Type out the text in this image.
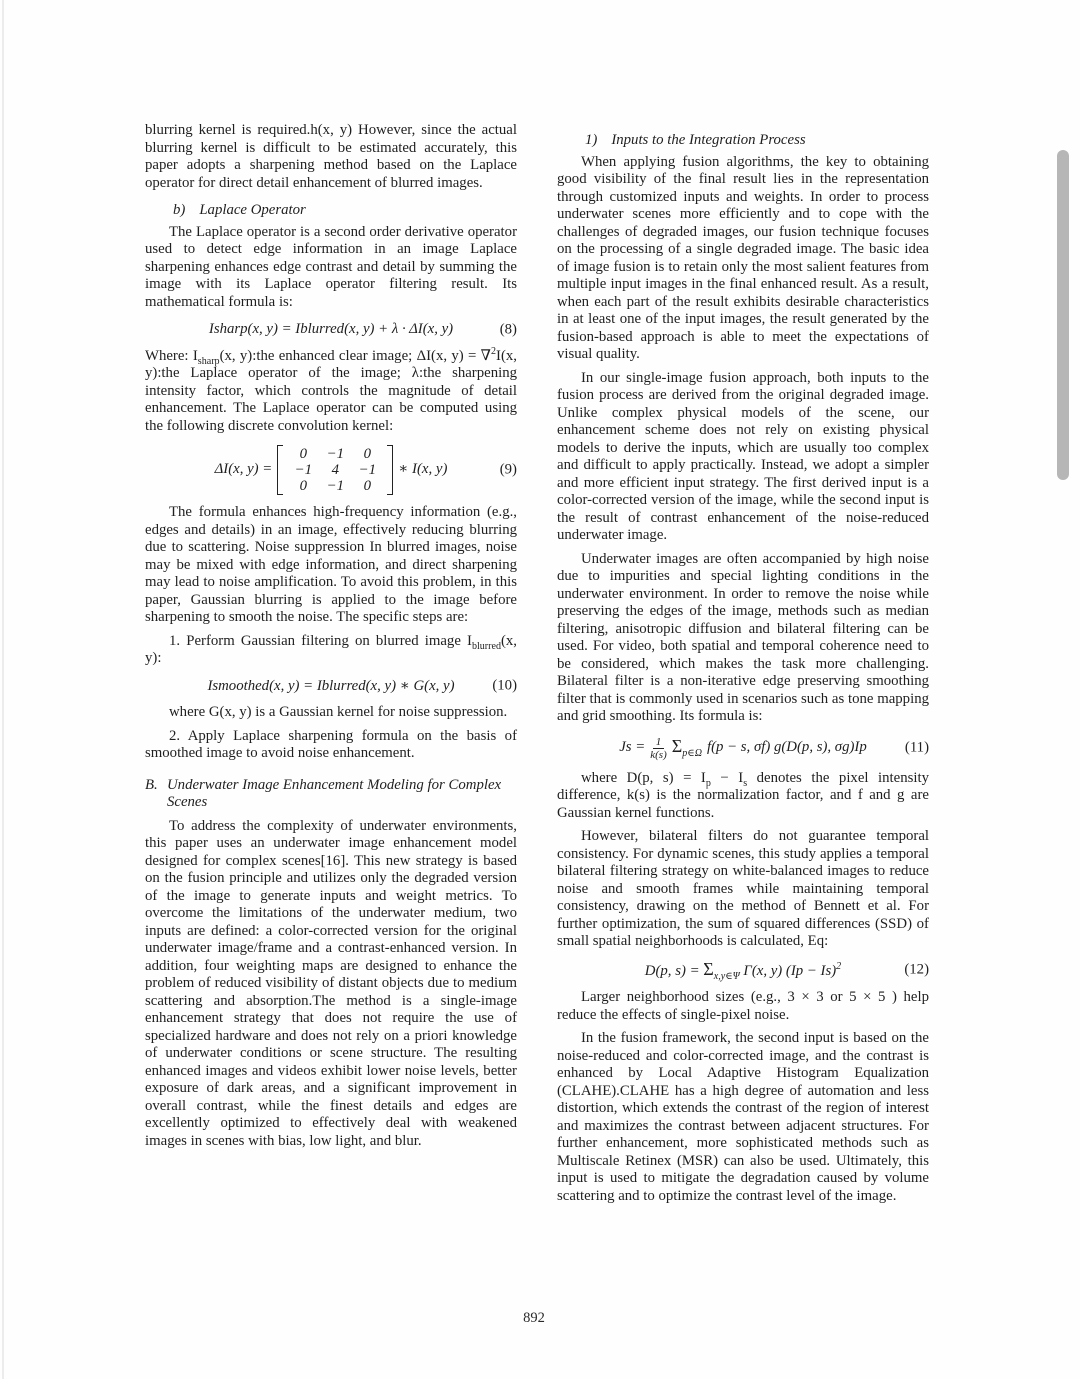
blurring kernel is required.h(x, y) However, since the actual blurring kernel is difficult to be estimated accurately, this paper adopts a sharpening method based on the Laplace operator for direct detail enhancement of blurred images.

b) Laplace Operator

The Laplace operator is a second order derivative operator used to detect edge information in an image Laplace sharpening enhances edge contrast and detail by summing the image with its Laplace operator filtering result. Its mathematical formula is:

Isharp(x, y) = Iblurred(x, y) + λ · ΔI(x, y)	(8)

Where: $I_{sharp}(x$, y):the enhanced clear image; ΔI(x, y) = ∇$^2$I(x, y):the Laplace operator of the image; λ:the sharpening intensity factor, which controls the magnitude of detail enhancement. The Laplace operator can be computed using the following discrete convolution kernel:

ΔI(x, y) =
0	−1	0
−1	4	−1
0	−1	0
∗ I(x, y)	(9)

The formula enhances high-frequency information (e.g., edges and details) in an image, effectively reducing blurring due to scattering. Noise suppression In blurred images, noise may be mixed with edge information, and direct sharpening may lead to noise amplification. To avoid this problem, in this paper, Gaussian blurring is applied to the image before sharpening to smooth the noise. The specific steps are:

1. Perform Gaussian filtering on blurred image $I_{blurred}(x$, y):

Ismoothed(x, y) = Iblurred(x, y) ∗ G(x, y)	(10)

where G(x, y) is a Gaussian kernel for noise suppression.

2. Apply Laplace sharpening formula on the basis of smoothed image to avoid noise enhancement.

B. Underwater Image Enhancement Modeling for Complex Scenes

To address the complexity of underwater environments, this paper uses an underwater image enhancement model designed for complex scenes[16]. This new strategy is based on the fusion principle and utilizes only the degraded version of the image to generate inputs and weight metrics. To overcome the limitations of the underwater medium, two inputs are defined: a color-corrected version for the original underwater image/frame and a contrast-enhanced version. In addition, four weighting maps are designed to enhance the problem of reduced visibility of distant objects due to medium scattering and absorption.The method is a single-image enhancement strategy that does not require the use of specialized hardware and does not rely on a priori knowledge of underwater conditions or scene structure. The resulting enhanced images and videos exhibit lower noise levels, better exposure of dark areas, and a significant improvement in overall contrast, while the finest details and edges are excellently optimized to effectively deal with weakened images in scenes with bias, low light, and blur.

1) Inputs to the Integration Process

When applying fusion algorithms, the key to obtaining good visibility of the final result lies in the representation through customized inputs and weights. In order to process underwater scenes more efficiently and to cope with the challenges of degraded images, our fusion technique focuses on the processing of a single degraded image. The basic idea of image fusion is to retain only the most salient features from multiple input images in the final enhanced result. As a result, when each part of the result exhibits desirable characteristics in at least one of the input images, the result generated by the fusion-based approach is able to meet the expectations of visual quality.

In our single-image fusion approach, both inputs to the fusion process are derived from the original degraded image. Unlike complex physical models of the scene, our enhancement scheme does not rely on existing physical models to derive the inputs, which are usually too complex and difficult to apply practically. Instead, we adopt a simpler and more efficient input strategy. The first derived input is a color-corrected version of the image, while the second input is the result of contrast enhancement of the noise-reduced underwater image.

Underwater images are often accompanied by high noise due to impurities and special lighting conditions in the underwater environment. In order to remove the noise while preserving the edges of the image, methods such as median filtering, anisotropic diffusion and bilateral filtering can be used. For video, both spatial and temporal coherence need to be considered, which makes the task more challenging. Bilateral filter is a non-iterative edge preserving smoothing filter that is commonly used in scenarios such as tone mapping and grid smoothing. Its formula is:

$Js = \frac{1}{k(s)} \Sigma_{p\in\Omega}$ f(p − s, σf) g(D(p, s), σg)Ip	(11)

where D(p, $s) = I_p - I_s$ denotes the pixel intensity difference, k(s) is the normalization factor, and f and g are Gaussian kernel functions.

However, bilateral filters do not guarantee temporal consistency. For dynamic scenes, this study applies a temporal bilateral filtering strategy on white-balanced images to reduce noise and smooth frames while maintaining temporal consistency, drawing on the method of Bennett et al. For further optimization, the sum of squared differences (SSD) of small spatial neighborhoods is calculated, Eq:

D(p, $s) = \Sigma_{x,y\in\Psi}$ Γ(x, y) $(Ip - Is)^2$	(12)

Larger neighborhood sizes (e.g., 3 × 3 or 5 × 5 ) help reduce the effects of single-pixel noise.

In the fusion framework, the second input is based on the noise-reduced and color-corrected image, and the contrast is enhanced by Local Adaptive Histogram Equalization (CLAHE).CLAHE has a high degree of automation and less distortion, which extends the contrast of the region of interest and maximizes the contrast between adjacent structures. For further enhancement, more sophisticated methods such as Multiscale Retinex (MSR) can also be used. Ultimately, this input is used to mitigate the degradation caused by volume scattering and to optimize the contrast level of the image.

892
